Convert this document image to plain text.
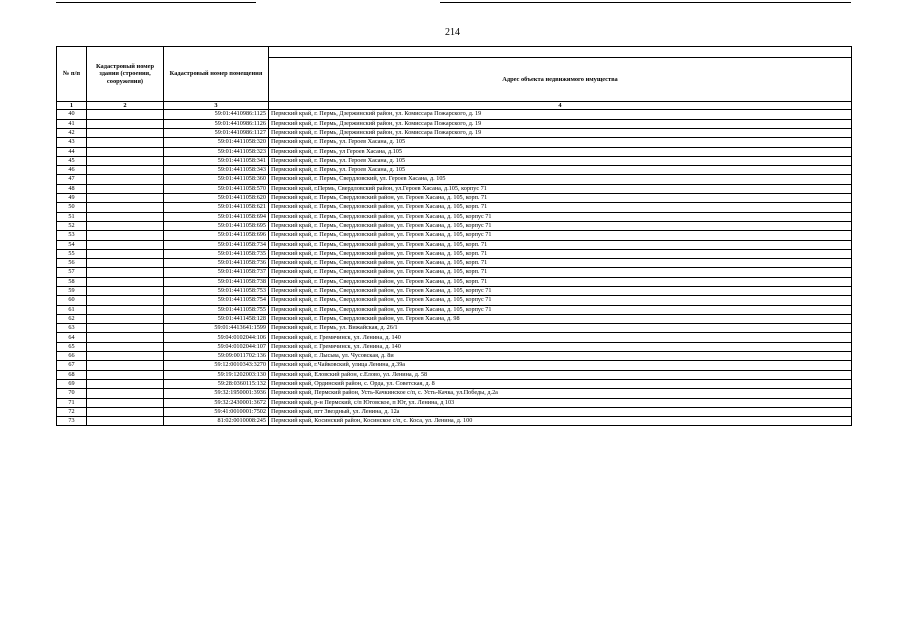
214
№ п/п	Кадастровый номер здания (строения, сооружения)	Кадастровый номер помещения	
			Адрес объекта недвижимого имущества
1	2	3	4
40		59:01:4410986:1125	Пермский край, г. Пермь, Дзержинский район, ул. Комиссара Пожарского, д. 19
41		59:01:4410986:1126	Пермский край, г. Пермь, Дзержинский район, ул. Комиссара Пожарского, д. 19
42		59:01:4410986:1127	Пермский край, г. Пермь, Дзержинский район, ул. Комиссара Пожарского, д. 19
43		59:01:4411058:320	Пермский край, г. Пермь, ул. Героев Хасана, д. 105
44		59:01:4411058:323	Пермский край, г. Пермь, ул Героев Хасана, д.105
45		59:01:4411058:341	Пермский край, г. Пермь, ул. Героев Хасана, д. 105
46		59:01:4411058:343	Пермский край, г. Пермь, ул. Героев Хасана, д. 105
47		59:01:4411058:360	Пермский край, г. Пермь, Свердловский, ул. Героев Хасана, д. 105
48		59:01:4411058:570	Пермский край, г.Пермь, Свердловский район, ул.Героев Хасана, д.105, корпус 71
49		59:01:4411058:620	Пермский край, г. Пермь, Свердловский район, ул. Героев Хасана, д. 105, корп. 71
50		59:01:4411058:621	Пермский край, г. Пермь, Свердловский район, ул. Героев Хасана, д. 105, корп. 71
51		59:01:4411058:694	Пермский край, г. Пермь, Свердловский район, ул. Героев Хасана, д. 105, корпус 71
52		59:01:4411058:695	Пермский край, г. Пермь, Свердловский район, ул. Героев Хасана, д. 105, корпус 71
53		59:01:4411058:696	Пермский край, г. Пермь, Свердловский район, ул. Героев Хасана, д. 105, корпус 71
54		59:01:4411058:734	Пермский край, г. Пермь, Свердловский район, ул. Героев Хасана, д. 105, корп. 71
55		59:01:4411058:735	Пермский край, г. Пермь, Свердловский район, ул. Героев Хасана, д. 105, корп. 71
56		59:01:4411058:736	Пермский край, г. Пермь, Свердловский район, ул. Героев Хасана, д. 105, корп. 71
57		59:01:4411058:737	Пермский край, г. Пермь, Свердловский район, ул. Героев Хасана, д. 105, корп. 71
58		59:01:4411058:738	Пермский край, г. Пермь, Свердловский район, ул. Героев Хасана, д. 105, корп. 71
59		59:01:4411058:753	Пермский край, г. Пермь, Свердловский район, ул. Героев Хасана, д. 105, корпус 71
60		59:01:4411058:754	Пермский край, г. Пермь, Свердловский район, ул. Героев Хасана, д. 105, корпус 71
61		59:01:4411058:755	Пермский край, г. Пермь, Свердловский район, ул. Героев Хасана, д. 105, корпус 71
62		59:01:4411458:128	Пермский край, г. Пермь, Свердловский район, ул. Героев Хасана, д. 98
63		59:01:4413641:1599	Пермский край, г. Пермь, ул. Вижайская, д. 26/1
64		59:04:0102044:106	Пермский край, г. Гремячинск, ул. Ленина, д. 140
65		59:04:0102044:107	Пермский край, г. Гремячинск, ул. Ленина, д. 140
66		59:09:0011702:136	Пермский край, г. Лысьва, ул. Чусовская, д. 8и
67		59:12:0010343:3270	Пермский край, г.Чайковский, улица Ленина, д.39а
68		59:19:1202003:130	Пермский край, Еловский район, с.Елово, ул. Ленина, д. 58
69		59:28:0360115:132	Пермский край, Ординский район, с. Орда, ул. Советская, д. 8
70		59:32:1950001:3936	Пермский край, Пермский район, Усть-Качкинское с/п, с. Усть-Качка, ул.Победы, д.2а
71		59:32:2430001:3672	Пермский край, р-н Пермский, с/п Юговское, п Юг, ул. Ленина, д 103
72		59:41:0010001:7502	Пермский край, пгт Звездный, ул. Ленина, д. 12а
73		81:02:0010008:245	Пермский край, Косинский район, Косинское с/п, с. Коса, ул. Ленина, д. 100
